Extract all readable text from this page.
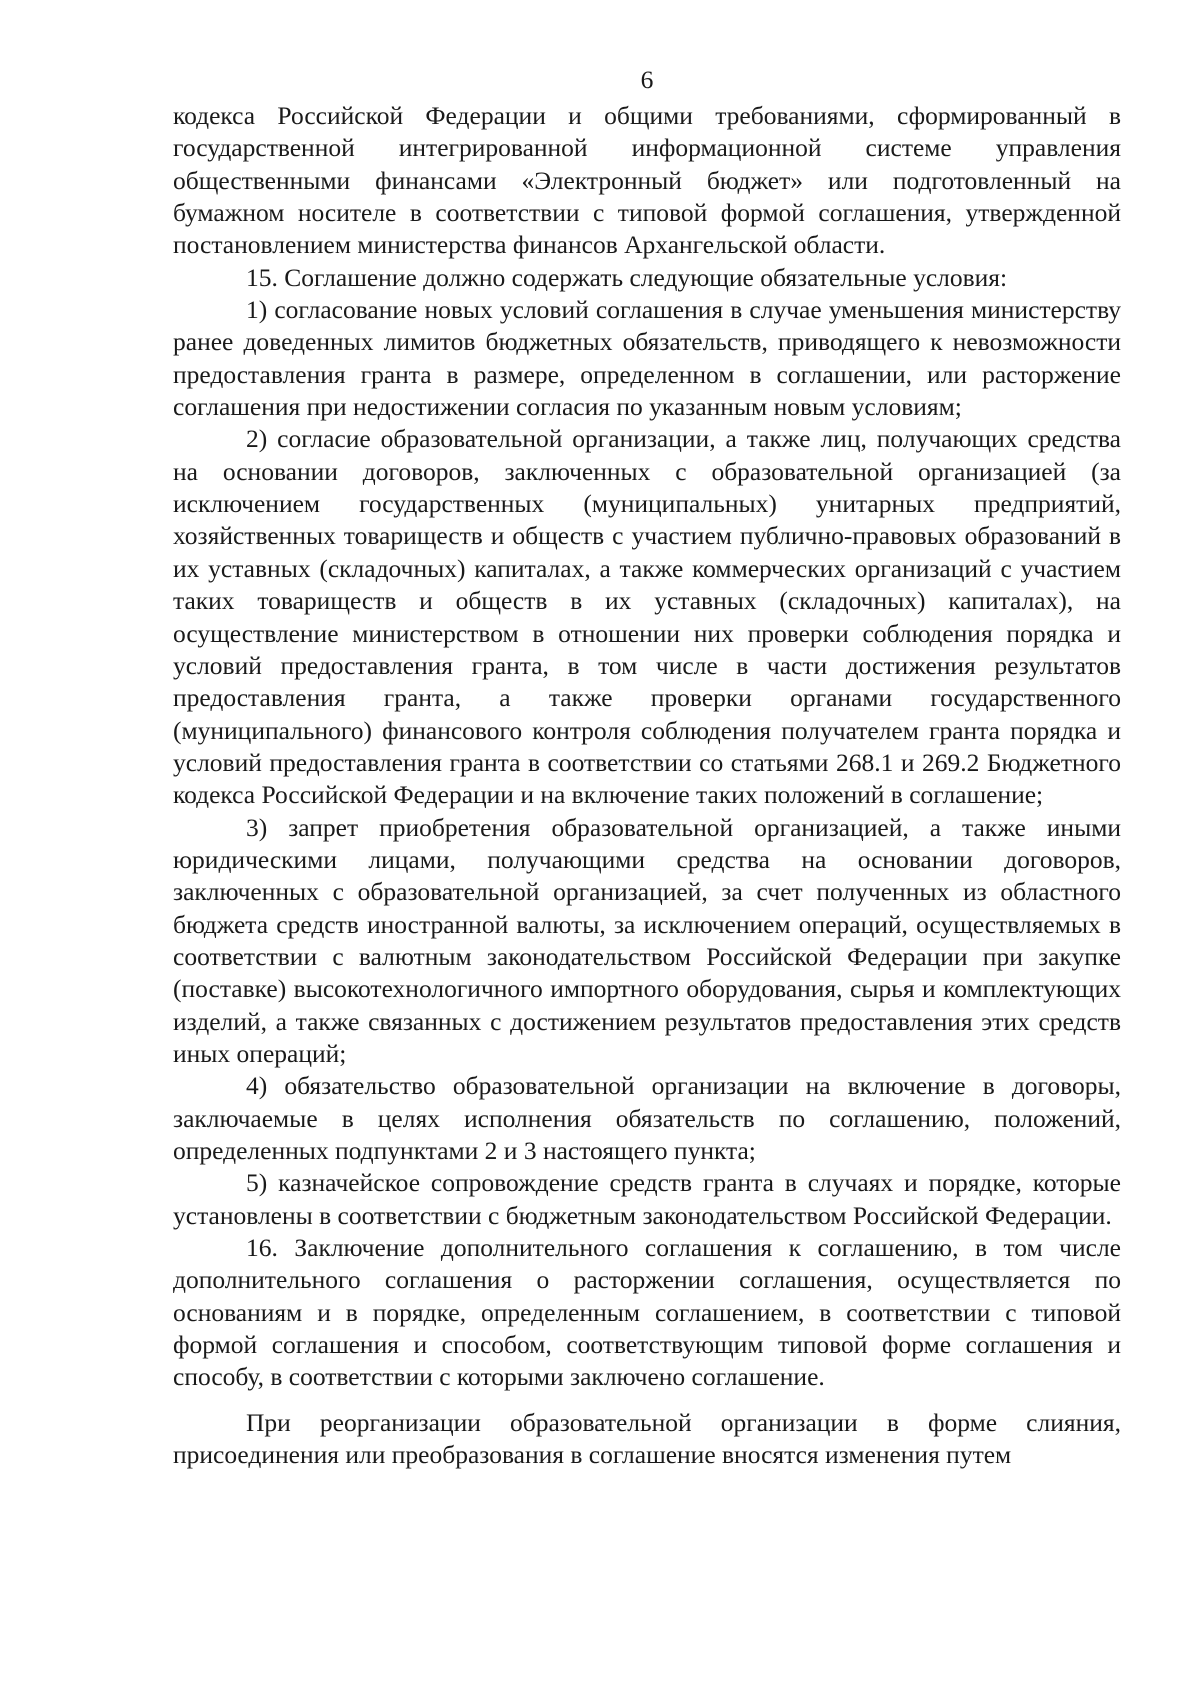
6

кодекса Российской Федерации и общими требованиями, сформированный в государственной интегрированной информационной системе управления общественными финансами «Электронный бюджет» или подготовленный на бумажном носителе в соответствии с типовой формой соглашения, утвержденной постановлением министерства финансов Архангельской области.

15. Соглашение должно содержать следующие обязательные условия:

1) согласование новых условий соглашения в случае уменьшения министерству ранее доведенных лимитов бюджетных обязательств, приводящего к невозможности предоставления гранта в размере, определенном в соглашении, или расторжение соглашения при недостижении согласия по указанным новым условиям;

2) согласие образовательной организации, а также лиц, получающих средства на основании договоров, заключенных с образовательной организацией (за исключением государственных (муниципальных) унитарных предприятий, хозяйственных товариществ и обществ с участием публично-правовых образований в их уставных (складочных) капиталах, а также коммерческих организаций с участием таких товариществ и обществ в их уставных (складочных) капиталах), на осуществление министерством в отношении них проверки соблюдения порядка и условий предоставления гранта, в том числе в части достижения результатов предоставления гранта, а также проверки органами государственного (муниципального) финансового контроля соблюдения получателем гранта порядка и условий предоставления гранта в соответствии со статьями 268.1 и 269.2 Бюджетного кодекса Российской Федерации и на включение таких положений в соглашение;

3) запрет приобретения образовательной организацией, а также иными юридическими лицами, получающими средства на основании договоров, заключенных с образовательной организацией, за счет полученных из областного бюджета средств иностранной валюты, за исключением операций, осуществляемых в соответствии с валютным законодательством Российской Федерации при закупке (поставке) высокотехнологичного импортного оборудования, сырья и комплектующих изделий, а также связанных с достижением результатов предоставления этих средств иных операций;

4) обязательство образовательной организации на включение в договоры, заключаемые в целях исполнения обязательств по соглашению, положений, определенных подпунктами 2 и 3 настоящего пункта;

5) казначейское сопровождение средств гранта в случаях и порядке, которые установлены в соответствии с бюджетным законодательством Российской Федерации.

16. Заключение дополнительного соглашения к соглашению, в том числе дополнительного соглашения о расторжении соглашения, осуществляется по основаниям и в порядке, определенным соглашением, в соответствии с типовой формой соглашения и способом, соответствующим типовой форме соглашения и способу, в соответствии с которыми заключено соглашение.

При реорганизации образовательной организации в форме слияния, присоединения или преобразования в соглашение вносятся изменения путем
